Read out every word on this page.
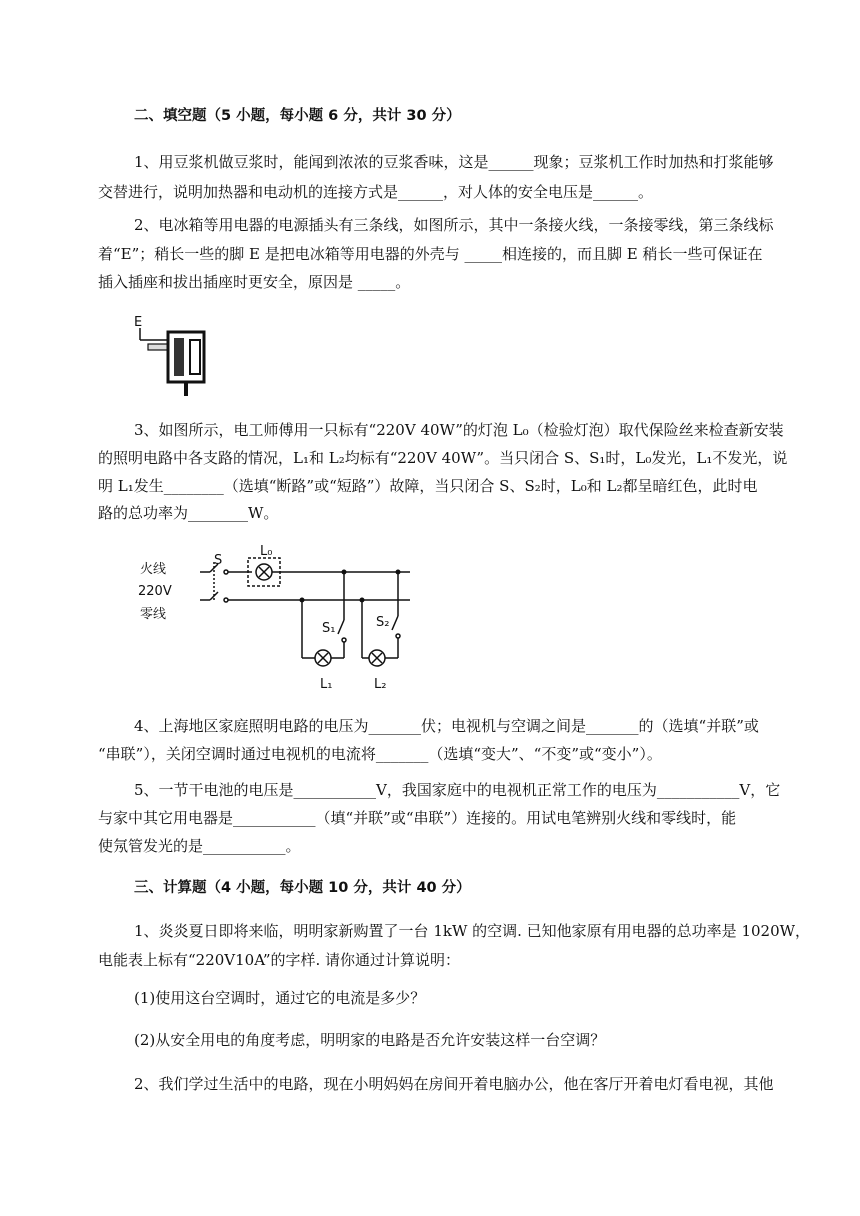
二、填空题（5 小题，每小题 6 分，共计 30 分）
1、用豆浆机做豆浆时，能闻到浓浓的豆浆香味，这是______现象；豆浆机工作时加热和打浆能够
交替进行，说明加热器和电动机的连接方式是______，对人体的安全电压是______。
2、电冰箱等用电器的电源插头有三条线，如图所示，其中一条接火线，一条接零线，第三条线标
着“E”；稍长一些的脚 E 是把电冰箱等用电器的外壳与 _____相连接的，而且脚 E 稍长一些可保证在
插入插座和拔出插座时更安全，原因是 _____。
E
3、如图所示，电工师傅用一只标有“220V 40W”的灯泡 L₀（检验灯泡）取代保险丝来检查新安装
的照明电路中各支路的情况，L₁和 L₂均标有“220V 40W”。当只闭合 S、S₁时，L₀发光，L₁不发光，说
明 L₁发生________（选填“断路”或“短路”）故障，当只闭合 S、S₂时，L₀和 L₂都呈暗红色，此时电
路的总功率为________W。
火线
220V
零线
S
L₀
S₁	S₂
L₁	L₂
4、上海地区家庭照明电路的电压为_______伏；电视机与空调之间是_______的（选填“并联”或
“串联”），关闭空调时通过电视机的电流将_______（选填“变大”、“不变”或“变小”）。
5、一节干电池的电压是___________V，我国家庭中的电视机正常工作的电压为___________V，它
与家中其它用电器是___________（填“并联”或“串联”）连接的。用试电笔辨别火线和零线时，能
使氖管发光的是___________。
三、计算题（4 小题，每小题 10 分，共计 40 分）
1、炎炎夏日即将来临，明明家新购置了一台 1kW 的空调. 已知他家原有用电器的总功率是 1020W，
电能表上标有“220V10A”的字样. 请你通过计算说明：
(1)使用这台空调时，通过它的电流是多少？
(2)从安全用电的角度考虑，明明家的电路是否允许安装这样一台空调？
2、我们学过生活中的电路，现在小明妈妈在房间开着电脑办公，他在客厅开着电灯看电视，其他
